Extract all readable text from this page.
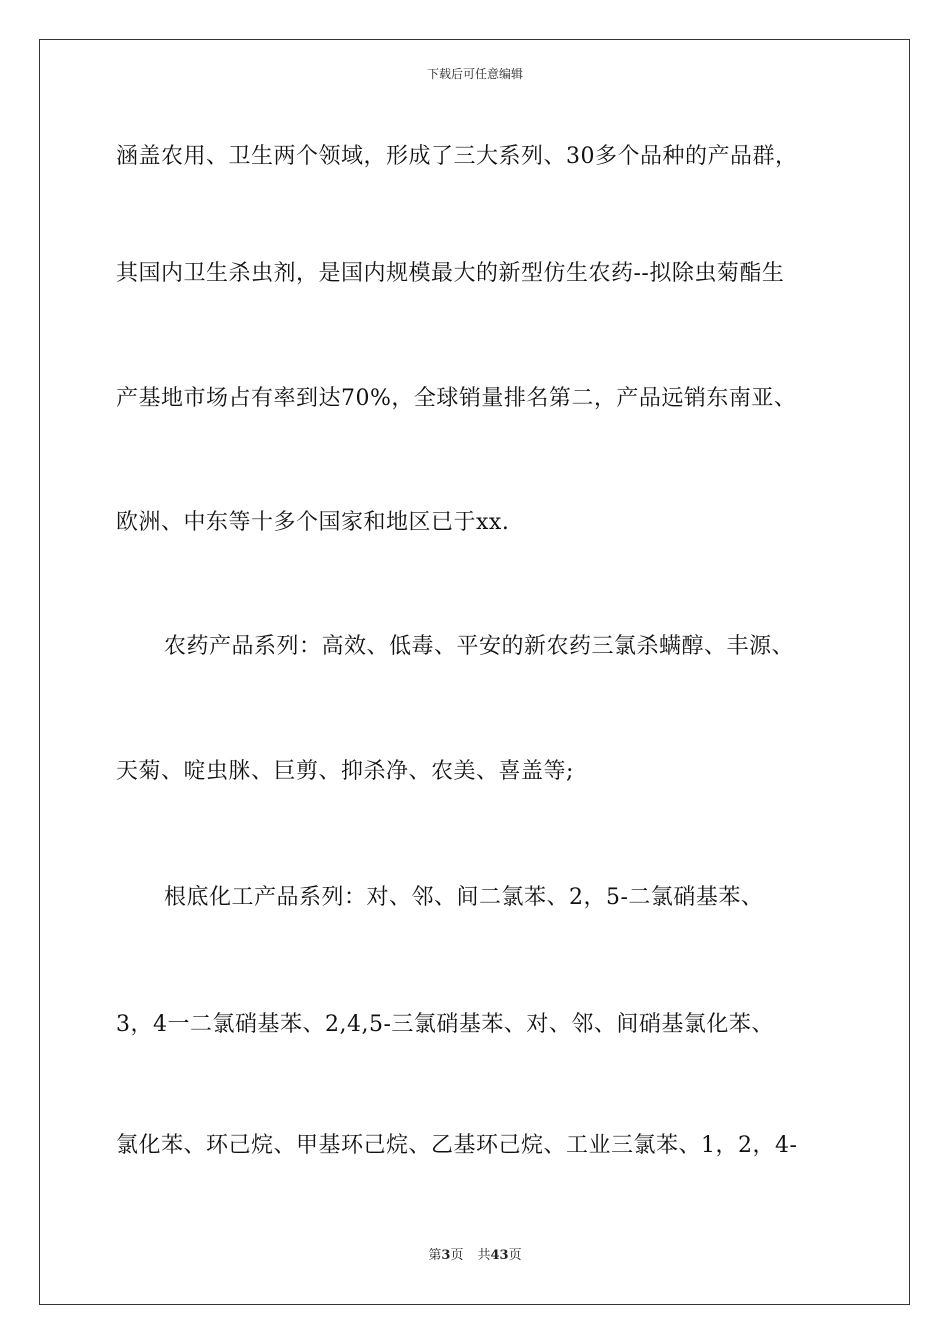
下载后可任意编辑
涵盖农用、卫生两个领域，形成了三大系列、30多个品种的产品群，
其国内卫生杀虫剂，是国内规模最大的新型仿生农药--拟除虫菊酯生
产基地市场占有率到达70%，全球销量排名第二，产品远销东南亚、
欧洲、中东等十多个国家和地区已于xx.
农药产品系列：高效、低毒、平安的新农药三氯杀螨醇、丰源、
天菊、啶虫脒、巨剪、抑杀净、农美、喜盖等;
根底化工产品系列：对、邻、间二氯苯、2，5-二氯硝基苯、
3，4一二氯硝基苯、2,4,5-三氯硝基苯、对、邻、间硝基氯化苯、
氯化苯、环己烷、甲基环己烷、乙基环己烷、工业三氯苯、1，2，4-
第3页 共43页
